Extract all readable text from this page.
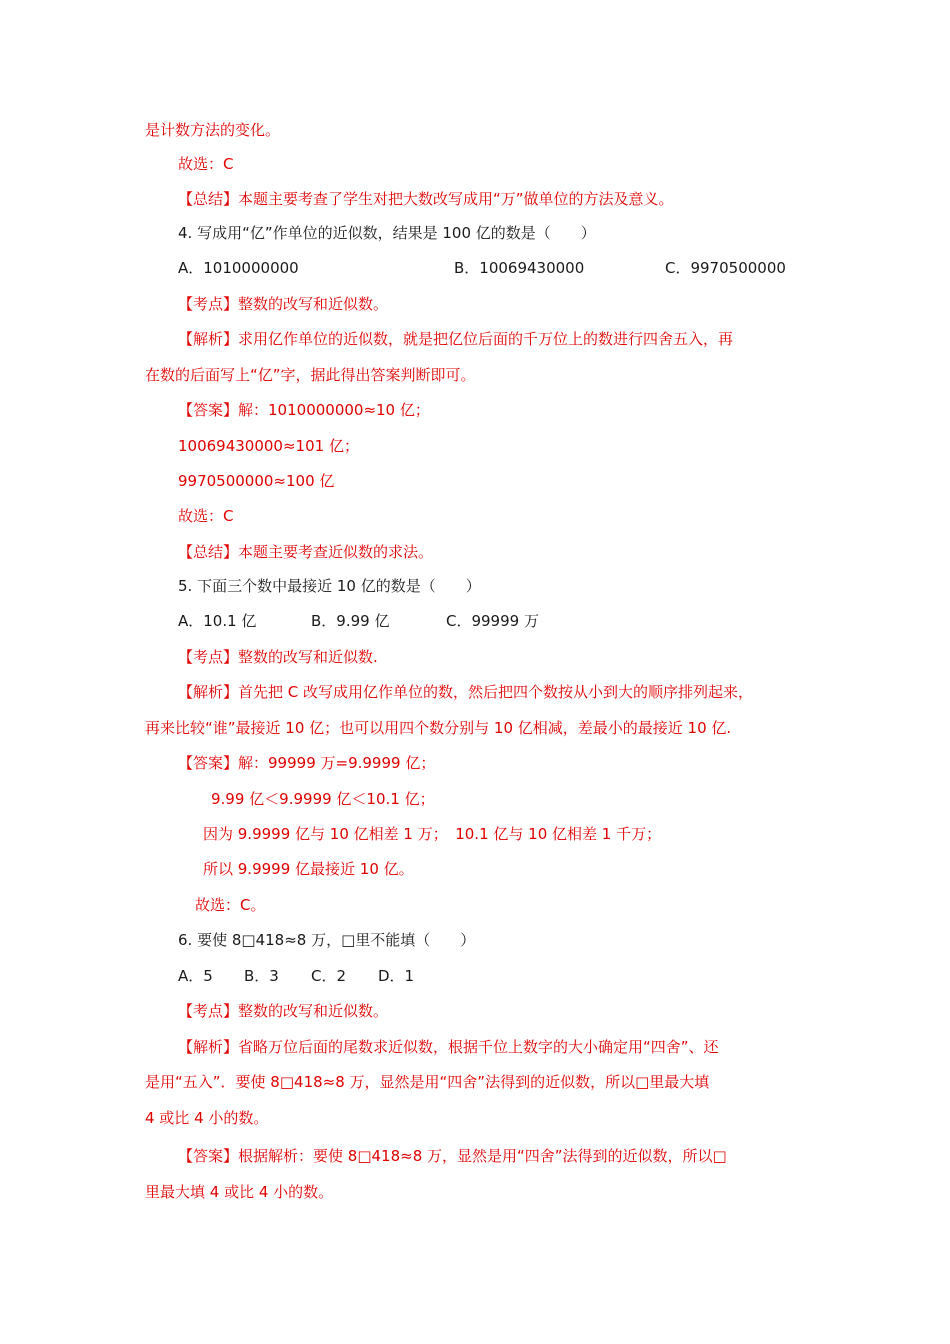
是计数方法的变化。

故选：C

【总结】本题主要考查了学生对把大数改写成用“万”做单位的方法及意义。

4. 写成用“亿”作单位的近似数，结果是 100 亿的数是（　　）

A．1010000000	B．10069430000	C．9970500000

【考点】整数的改写和近似数。

【解析】求用亿作单位的近似数，就是把亿位后面的千万位上的数进行四舍五入，再

在数的后面写上“亿”字，据此得出答案判断即可。

【答案】解：1010000000≈10 亿；

10069430000≈101 亿；

9970500000≈100 亿

故选：C

【总结】本题主要考查近似数的求法。

5. 下面三个数中最接近 10 亿的数是（　　）

A．10.1 亿	B．9.99 亿	C．99999 万

【考点】整数的改写和近似数.

【解析】首先把 C 改写成用亿作单位的数，然后把四个数按从小到大的顺序排列起来，

再来比较“谁”最接近 10 亿；也可以用四个数分别与 10 亿相减，差最小的最接近 10 亿.

【答案】解：99999 万=9.9999 亿；

9.99 亿＜9.9999 亿＜10.1 亿；

因为 9.9999 亿与 10 亿相差 1 万；　10.1 亿与 10 亿相差 1 千万；

所以 9.9999 亿最接近 10 亿。

故选：C。

6. 要使 8□418≈8 万，□里不能填（　　）

A．5 B．3 C．2 D．1

【考点】整数的改写和近似数。

【解析】省略万位后面的尾数求近似数，根据千位上数字的大小确定用“四舍”、还

是用“五入”．要使 8□418≈8 万，显然是用“四舍”法得到的近似数，所以□里最大填

4 或比 4 小的数。

【答案】根据解析：要使 8□418≈8 万，显然是用“四舍”法得到的近似数，所以□

里最大填 4 或比 4 小的数。
